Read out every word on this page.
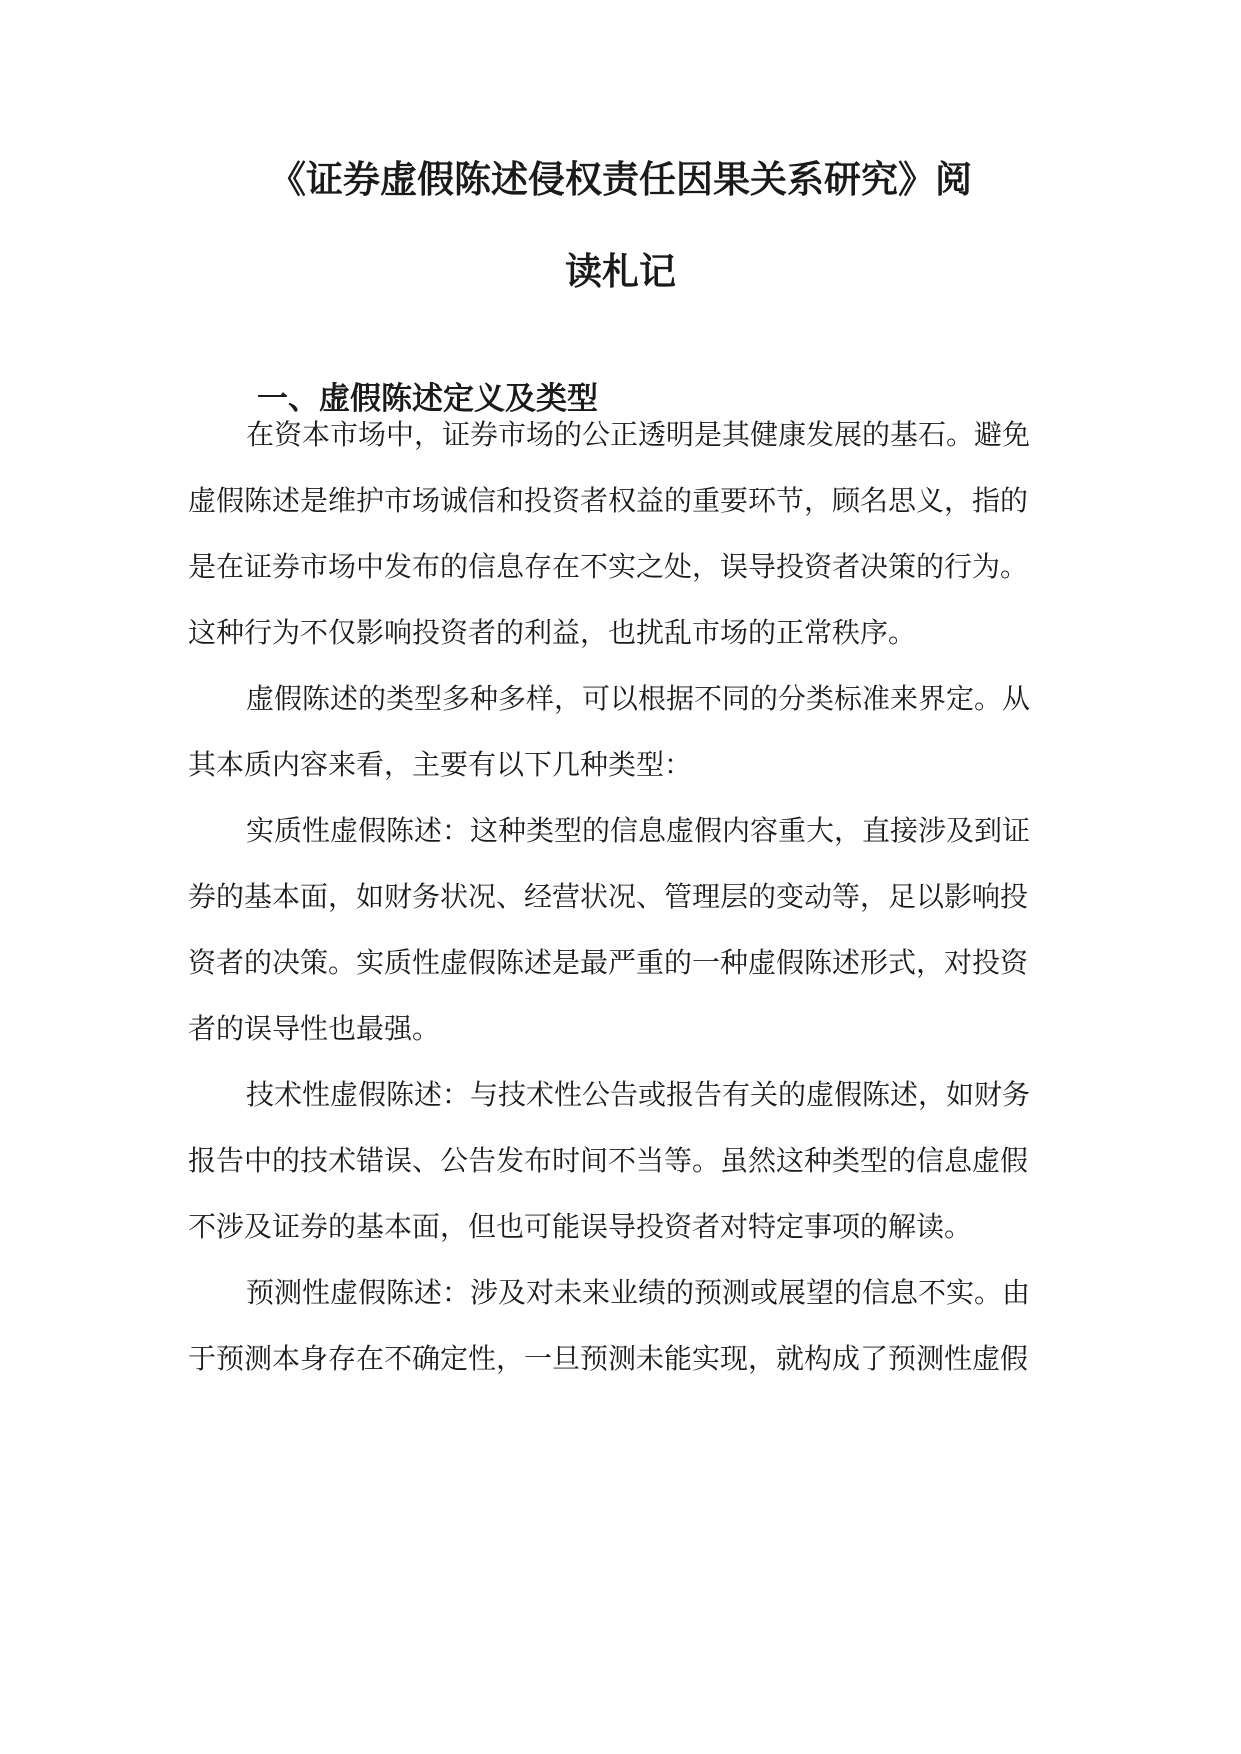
《证券虚假陈述侵权责任因果关系研究》阅
读札记
一、虚假陈述定义及类型
在资本市场中，证券市场的公正透明是其健康发展的基石。避免
虚假陈述是维护市场诚信和投资者权益的重要环节，顾名思义，指的
是在证券市场中发布的信息存在不实之处，误导投资者决策的行为。
这种行为不仅影响投资者的利益，也扰乱市场的正常秩序。
虚假陈述的类型多种多样，可以根据不同的分类标准来界定。从
其本质内容来看，主要有以下几种类型：
实质性虚假陈述：这种类型的信息虚假内容重大，直接涉及到证
券的基本面，如财务状况、经营状况、管理层的变动等，足以影响投
资者的决策。实质性虚假陈述是最严重的一种虚假陈述形式，对投资
者的误导性也最强。
技术性虚假陈述：与技术性公告或报告有关的虚假陈述，如财务
报告中的技术错误、公告发布时间不当等。虽然这种类型的信息虚假
不涉及证券的基本面，但也可能误导投资者对特定事项的解读。
预测性虚假陈述：涉及对未来业绩的预测或展望的信息不实。由
于预测本身存在不确定性，一旦预测未能实现，就构成了预测性虚假
